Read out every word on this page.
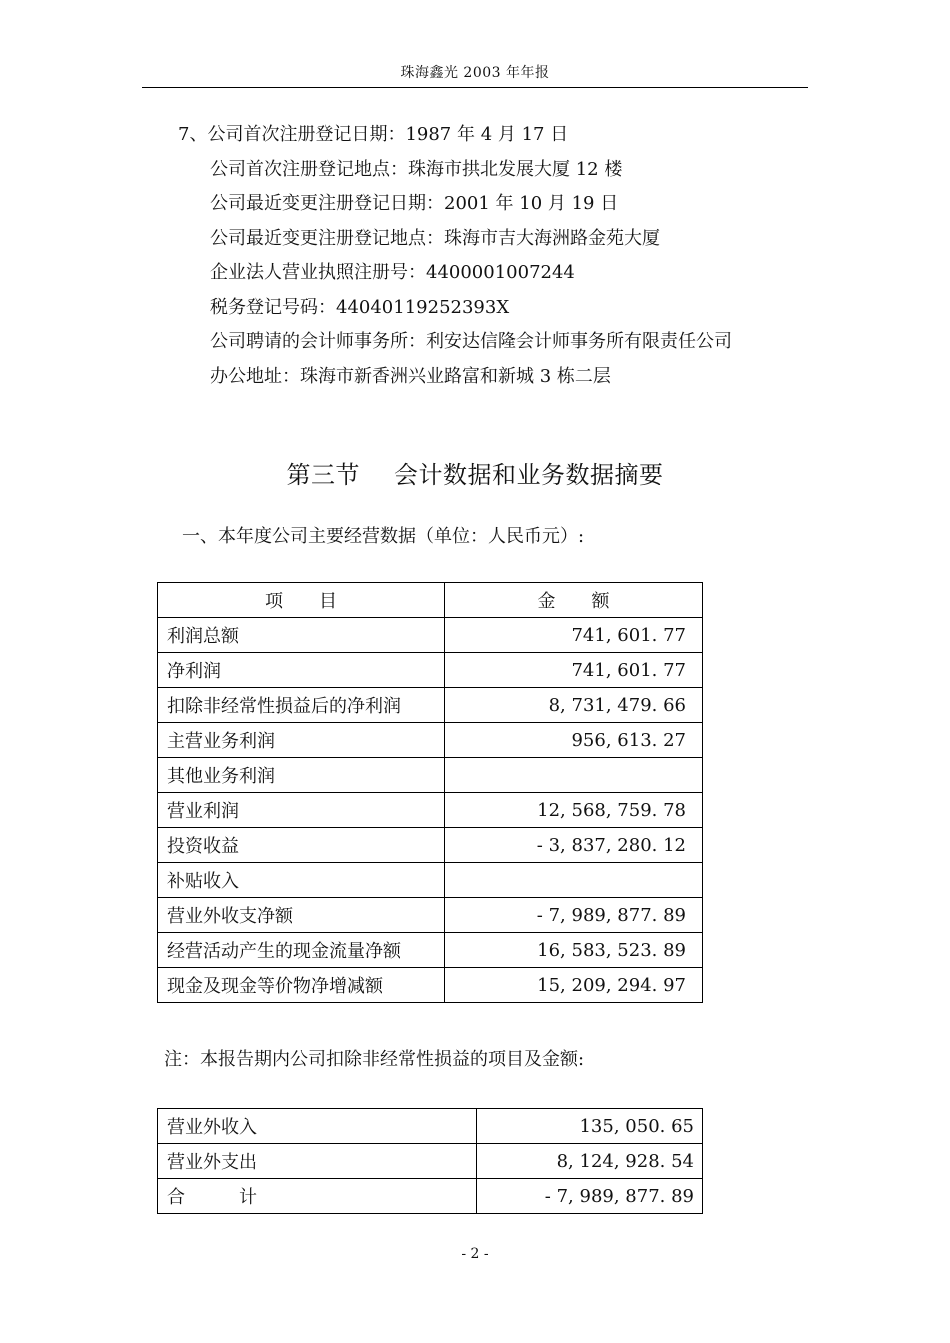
珠海鑫光 2003 年年报
7、公司首次注册登记日期：1987 年 4 月 17 日
公司首次注册登记地点：珠海市拱北发展大厦 12 楼
公司最近变更注册登记日期：2001 年 10 月 19 日
公司最近变更注册登记地点：珠海市吉大海洲路金苑大厦
企业法人营业执照注册号：4400001007244
税务登记号码：44040119252393X
公司聘请的会计师事务所：利安达信隆会计师事务所有限责任公司
办公地址：珠海市新香洲兴业路富和新城 3 栋二层
第三节 会计数据和业务数据摘要
一、本年度公司主要经营数据（单位：人民币元）:
项　　目	金　　额
利润总额	741, 601. 77
净利润	741, 601. 77
扣除非经常性损益后的净利润	8, 731, 479. 66
主营业务利润	956, 613. 27
其他业务利润	
营业利润	12, 568, 759. 78
投资收益	- 3, 837, 280. 12
补贴收入	
营业外收支净额	- 7, 989, 877. 89
经营活动产生的现金流量净额	16, 583, 523. 89
现金及现金等价物净增减额	15, 209, 294. 97
注：本报告期内公司扣除非经常性损益的项目及金额:
营业外收入	135, 050. 65
营业外支出	8, 124, 928. 54
合　　　计	- 7, 989, 877. 89
- 2 -
